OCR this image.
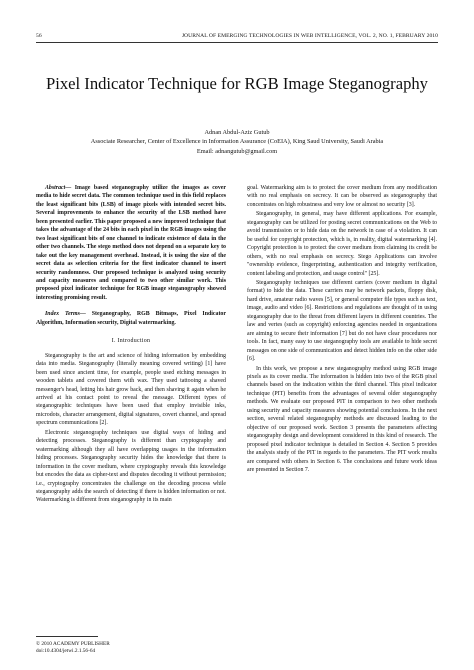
56	JOURNAL OF EMERGING TECHNOLOGIES IN WEB INTELLIGENCE, VOL. 2, NO. 1, FEBRUARY 2010
Pixel Indicator Technique for RGB Image Steganography
Adnan Abdul-Aziz Gutub
Associate Researcher, Center of Excellence in Information Assurance (CoEIA), King Saud University, Saudi Arabia
Email: adnangutub@gmail.com

Abstract— Image based steganography utilize the images as cover media to hide secret data. The common technique used in this field replaces the least significant bits (LSB) of image pixels with intended secret bits. Several improvements to enhance the security of the LSB method have been presented earlier. This paper proposed a new improved technique that takes the advantage of the 24 bits in each pixel in the RGB images using the two least significant bits of one channel to indicate existence of data in the other two channels. The stego method does not depend on a separate key to take out the key management overhead. Instead, it is using the size of the secret data as selection criteria for the first indicator channel to insert security randomness. Our proposed technique is analyzed using security and capacity measures and compared to two other similar work. This proposed pixel indicator technique for RGB image steganography showed interesting promising result.

Index Terms— Steganography, RGB Bitmaps, Pixel Indicator Algorithm, Information security, Digital watermarking.

I. Introduction

Steganography is the art and science of hiding information by embedding data into media. Steganography (literally meaning covered writing) [1] have been used since ancient time, for example, people used etching messages in wooden tablets and covered them with wax. They used tattooing a shaved messenger's head, letting his hair grow back, and then shaving it again when he arrived at his contact point to reveal the message. Different types of steganographic techniques have been used that employ invisible inks, microdots, character arrangement, digital signatures, covert channel, and spread spectrum communications [2].

Electronic steganography techniques use digital ways of hiding and detecting processes. Steganography is different than cryptography and watermarking although they all have overlapping usages in the information hiding processes. Steganography security hides the knowledge that there is information in the cover medium, where cryptography reveals this knowledge but encodes the data as cipher-text and disputes decoding it without permission; i.e., cryptography concentrates the challenge on the decoding process while steganography adds the search of detecting if there is hidden information or not. Watermarking is different from steganography in its main

goal. Watermarking aim is to protect the cover medium from any modification with no real emphasis on secrecy. It can be observed as steganography that concentrates on high robustness and very low or almost no security [3].

Steganography, in general, may have different applications. For example, steganography can be utilized for posting secret communications on the Web to avoid transmission or to hide data on the network in case of a violation. It can be useful for copyright protection, which is, in reality, digital watermarking [4]. Copyright protection is to protect the cover medium from claiming its credit be others, with no real emphasis on secrecy. Stego Applications can involve "ownership evidence, fingerprinting, authentication and integrity verification, content labeling and protection, and usage control" [25].

Steganography techniques use different carriers (cover medium in digital format) to hide the data. These carriers may be network packets, floppy disk, hard drive, amateur radio waves [5], or general computer file types such as text, image, audio and video [6]. Restrictions and regulations are thought of in using steganography due to the threat from different layers in different countries. The law and vertes (such as copyright) enforcing agencies needed in organizations are aiming to secure their information [7] but do not have clear procedures nor tools. In fact, many easy to use steganography tools are available to hide secret messages on one side of communication and detect hidden info on the other side [6].

In this work, we propose a new steganography method using RGB image pixels as its cover media. The information is hidden into two of the RGB pixel channels based on the indication within the third channel. This pixel indicator technique (PIT) benefits from the advantages of several older steganography methods. We evaluate our proposed PIT in comparison to two other methods using security and capacity measures showing potential conclusions. In the next section, several related steganography methods are discussed leading to the objective of our proposed work. Section 3 presents the parameters affecting steganography design and development considered in this kind of research. The proposed pixel indicator technique is detailed in Section 4. Section 5 provides the analysis study of the PIT in regards to the parameters. The PIT work results are compared with others in Section 6. The conclusions and future work ideas are presented in Section 7.

© 2010 ACADEMY PUBLISHER
doi:10.4304/jetwi.2.1.56-64
